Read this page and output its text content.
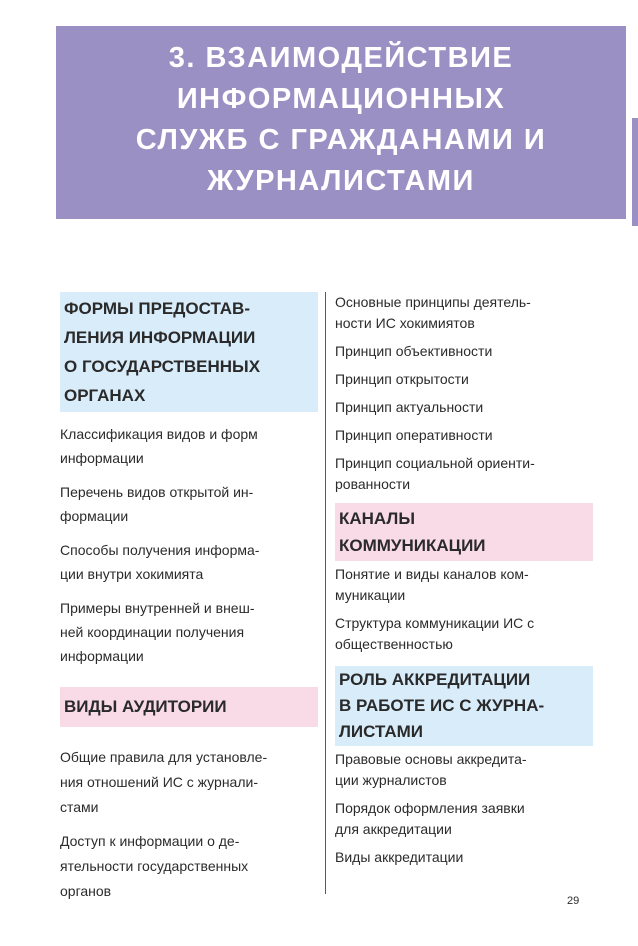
3. ВЗАИМОДЕЙСТВИЕ
ИНФОРМАЦИОННЫХ
СЛУЖБ С ГРАЖДАНАМИ И
ЖУРНАЛИСТАМИ
ФОРМЫ ПРЕДОСТАВ-
ЛЕНИЯ ИНФОРМАЦИИ
О ГОСУДАРСТВЕННЫХ
ОРГАНАХ
Классификация видов и форм
информации
Перечень видов открытой ин-
формации
Способы получения информа-
ции внутри хокимията
Примеры внутренней и внеш-
ней координации получения
информации
ВИДЫ АУДИТОРИИ
Общие правила для установле-
ния отношений ИС с журнали-
стами
Доступ к информации о де-
ятельности государственных
органов
Основные принципы деятель-
ности ИС хокимиятов
Принцип объективности
Принцип открытости
Принцип актуальности
Принцип оперативности
Принцип социальной ориенти-
рованности
КАНАЛЫ
КОММУНИКАЦИИ
Понятие и виды каналов ком-
муникации
Структура коммуникации ИС с
общественностью
РОЛЬ АККРЕДИТАЦИИ
В РАБОТЕ ИС С ЖУРНА-
ЛИСТАМИ
Правовые основы аккредита-
ции журналистов
Порядок оформления заявки
для аккредитации
Виды аккредитации
29
